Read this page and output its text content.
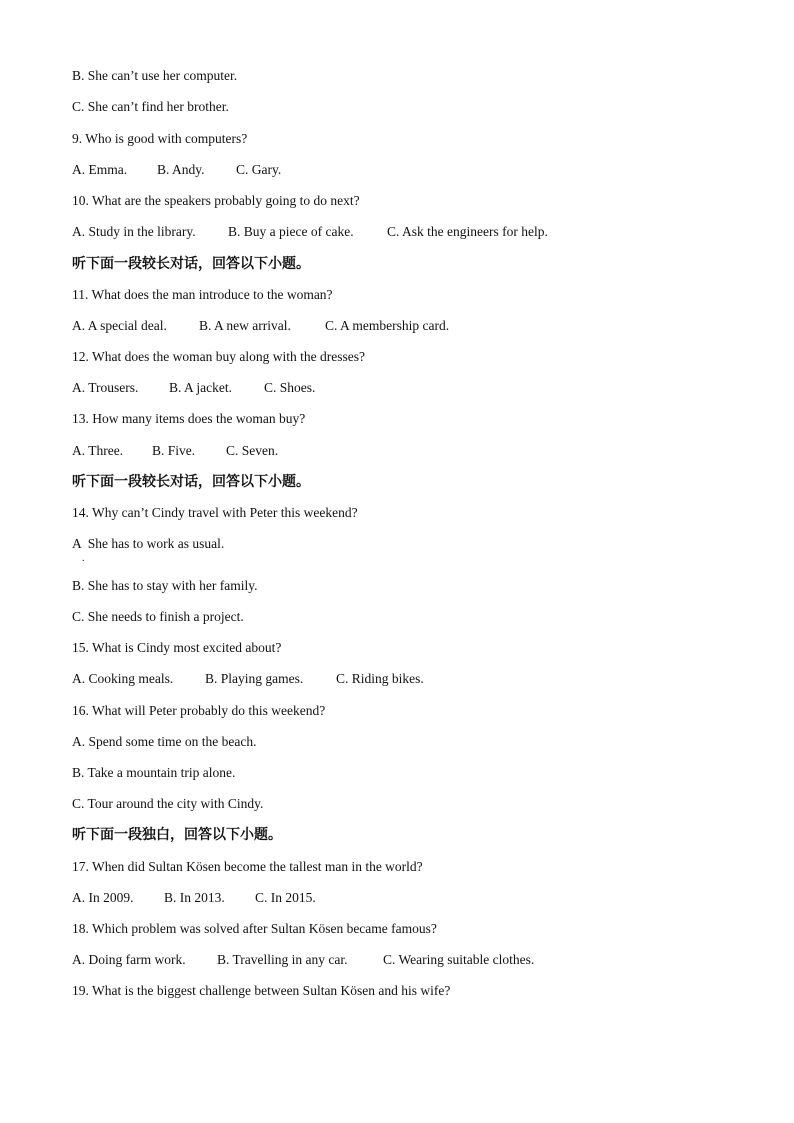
B. She can’t use her computer.
C. She can’t find her brother.
9. Who is good with computers?
A. Emma. B. Andy. C. Gary.
10. What are the speakers probably going to do next?
A. Study in the library. B. Buy a piece of cake. C. Ask the engineers for help.
听下面一段较长对话，回答以下小题。
11. What does the man introduce to the woman?
A. A special deal. B. A new arrival.	C. A membership card.
12. What does the woman buy along with the dresses?
A. Trousers. B. A jacket. C. Shoes.
13. How many items does the woman buy?
A. Three. B. Five. C. Seven.
听下面一段较长对话，回答以下小题。
14. Why can’t Cindy travel with Peter this weekend?
A  She has to work as usual.
.
B. She has to stay with her family.
C. She needs to finish a project.
15. What is Cindy most excited about?
A. Cooking meals. B. Playing games. C. Riding bikes.
16. What will Peter probably do this weekend?
A. Spend some time on the beach.
B. Take a mountain trip alone.
C. Tour around the city with Cindy.
听下面一段独白，回答以下小题。
17. When did Sultan Kösen become the tallest man in the world?
A. In 2009. B. In 2013. C. In 2015.
18. Which problem was solved after Sultan Kösen became famous?
A. Doing farm work. B. Travelling in any car.	C. Wearing suitable clothes.
19. What is the biggest challenge between Sultan Kösen and his wife?
